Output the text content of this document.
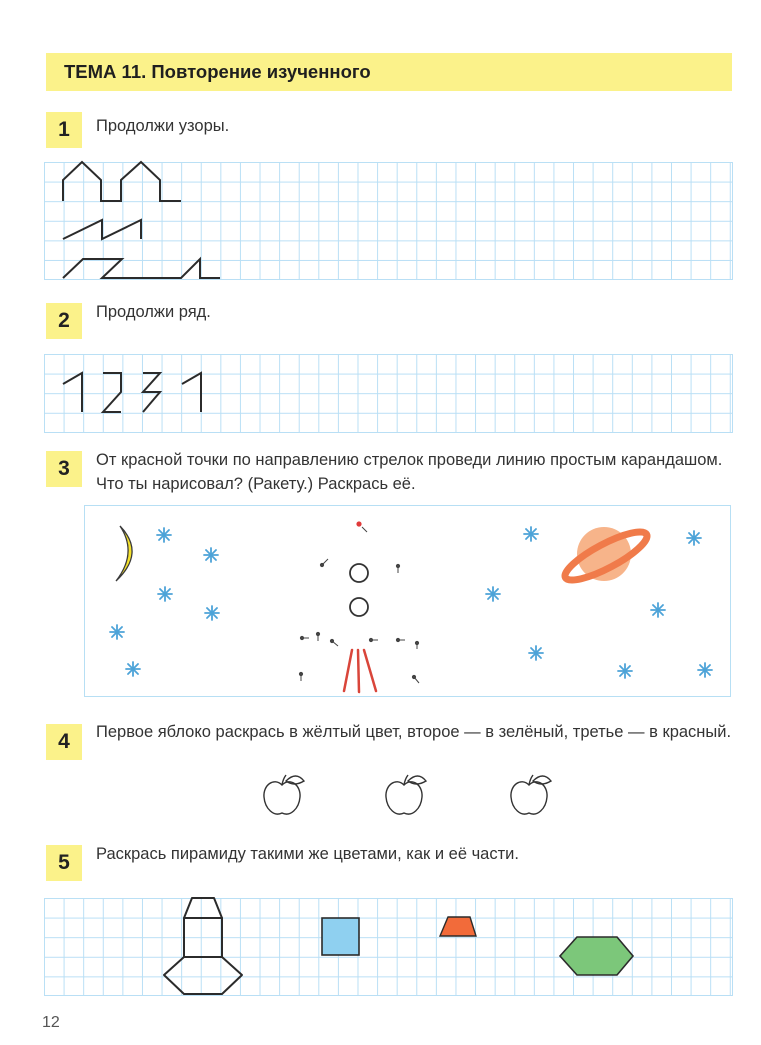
ТЕМА 11. Повторение изученного
1	Продолжи узоры.
2	Продолжи ряд.
3	От красной точки по направлению стрелок проведи линию простым карандашом. Что ты нарисовал? (Ракету.) Раскрась её.
4	Первое яблоко раскрась в жёлтый цвет, второе — в зелёный, третье — в красный.
5	Раскрась пирамиду такими же цветами, как и её части.
12
